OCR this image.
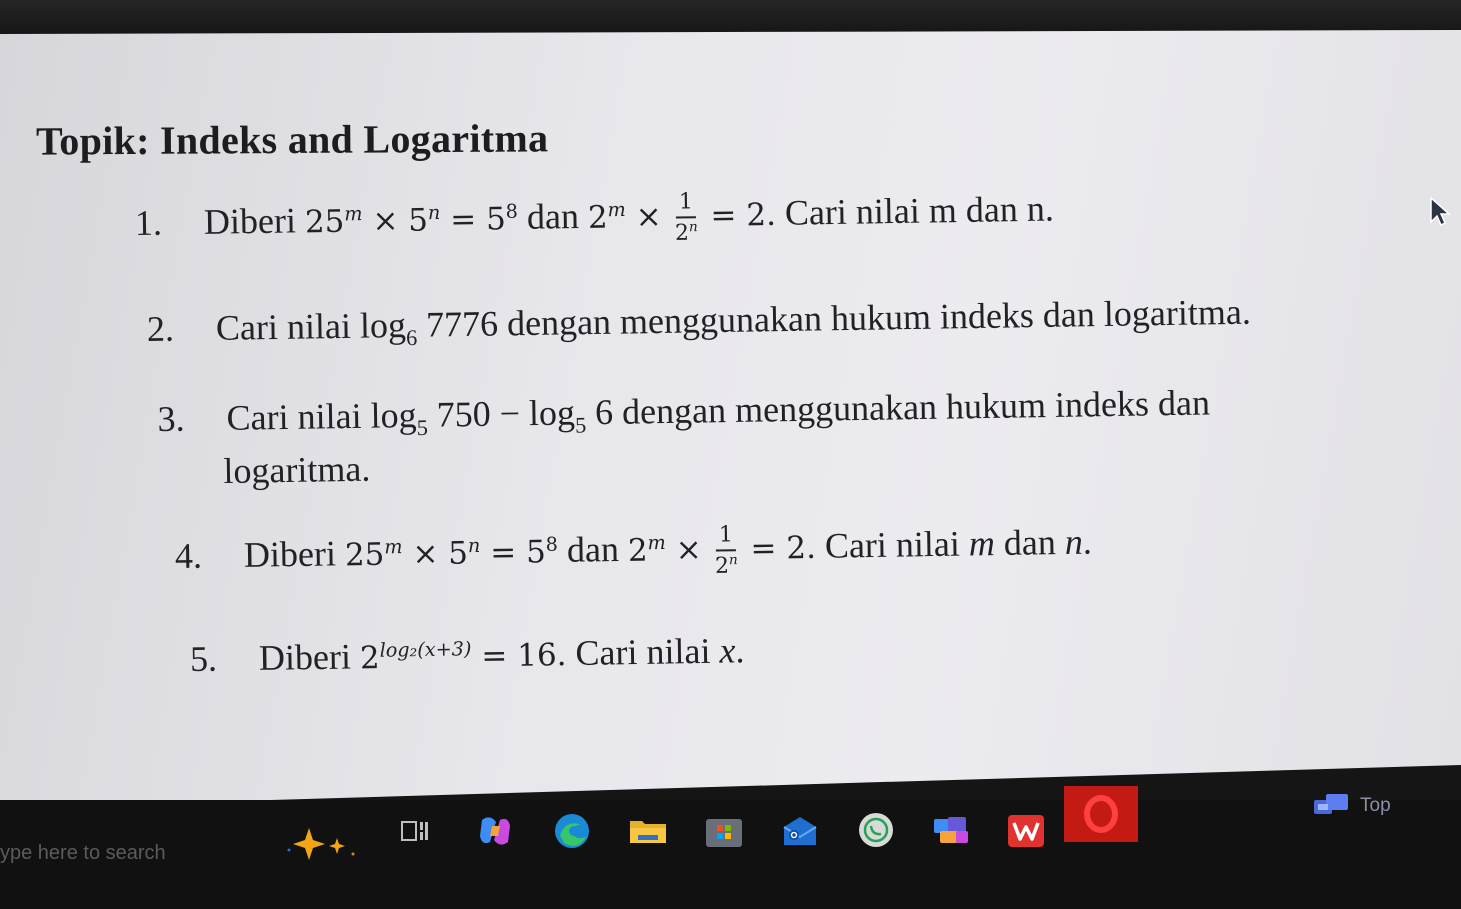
Topik: Indeks and Logaritma
1. Diberi $25^m \times 5^n = 5^8$ dan $2^m \times \frac{1}{2^n} = 2$. Cari nilai m dan n.
2. Cari nilai $\log_6 7776$ dengan menggunakan hukum indeks dan logaritma.
3. Cari nilai $\log_5 750 - \log_5 6$ dengan menggunakan hukum indeks dan
logaritma.
4. Diberi $25^m \times 5^n = 5^8$ dan $2^m \times \frac{1}{2^n} = 2$. Cari nilai m dan n.
5. Diberi $2^{log_2(x+3)} = 16$. Cari nilai x.
ype here to search
Top
